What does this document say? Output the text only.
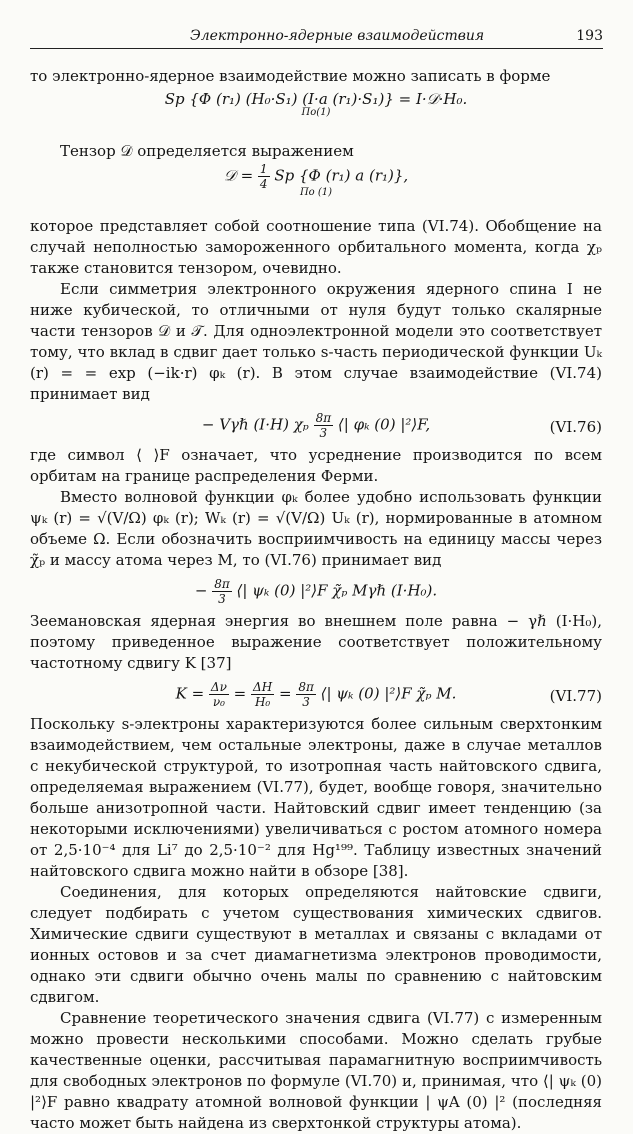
Электронно-ядерные взаимодействия	193

то электронно-ядерное взаимодействие можно записать в форме

Sp {Φ (r₁) (H₀·S₁) (I·a (r₁)·S₁)} = I·𝒟·H₀.
По(1)

Тензор 𝒟 определяется выражением

𝒟 = $\frac{1}{4}$ Sp {Φ (r₁) a (r₁)},
По (1)

которое представляет собой соотношение типа (VI.74). Обобщение на случай неполностью замороженного орбитального момента, когда χₚ также становится тензором, очевидно.

Если симметрия электронного окружения ядерного спина I не ниже кубической, то отличными от нуля будут только скалярные части тензоров 𝒟 и 𝒯. Для одноэлектронной модели это соответствует тому, что вклад в сдвиг дает только s-часть периодической функции Uₖ (r) = = exp (−ik·r) φₖ (r). В этом случае взаимодействие (VI.74) принимает вид

− Vγℏ (I·H) χₚ $\frac{8\pi}{3}$ ⟨| φₖ (0) |²⟩F,	(VI.76)

где символ ⟨ ⟩F означает, что усреднение производится по всем орбитам на границе распределения Ферми.

Вместо волновой функции φₖ более удобно использовать функции ψₖ (r) = √(V/Ω) φₖ (r); Wₖ (r) = √(V/Ω) Uₖ (r), нормированные в атомном объеме Ω. Если обозначить восприимчивость на единицу массы через χ̃ₚ и массу атома через M, то (VI.76) принимает вид

− $\frac{8\pi}{3}$ ⟨| ψₖ (0) |²⟩F χ̃ₚ Mγℏ (I·H₀).

Зеемановская ядерная энергия во внешнем поле равна − γℏ (I·H₀), поэтому приведенное выражение соответствует положительному частотному сдвигу K [37]

$K = \frac{\Delta\nu}{\text{ν₀}} = \frac{\Delta H}{\text{H₀}} = \frac{8\pi}{3}$ ⟨| ψₖ (0) |²⟩F χ̃ₚ M.	(VI.77)

Поскольку s-электроны характеризуются более сильным сверхтонким взаимодействием, чем остальные электроны, даже в случае металлов с некубической структурой, то изотропная часть найтовского сдвига, определяемая выражением (VI.77), будет, вообще говоря, значительно больше анизотропной части. Найтовский сдвиг имеет тенденцию (за некоторыми исключениями) увеличиваться с ростом атомного номера от 2,5·10⁻⁴ для Li⁷ до 2,5·10⁻² для Hg¹⁹⁹. Таблицу известных значений найтовского сдвига можно найти в обзоре [38].

Соединения, для которых определяются найтовские сдвиги, следует подбирать с учетом существования химических сдвигов. Химические сдвиги существуют в металлах и связаны с вкладами от ионных остовов и за счет диамагнетизма электронов проводимости, однако эти сдвиги обычно очень малы по сравнению с найтовским сдвигом.

Сравнение теоретического значения сдвига (VI.77) с измеренным можно провести несколькими способами. Можно сделать грубые качественные оценки, рассчитывая парамагнитную восприимчивость для свободных электронов по формуле (VI.70) и, принимая, что ⟨| ψₖ (0) |²⟩F равно квадрату атомной волновой функции | ψA (0) |² (последняя часто может быть найдена из сверхтонкой структуры атома).
